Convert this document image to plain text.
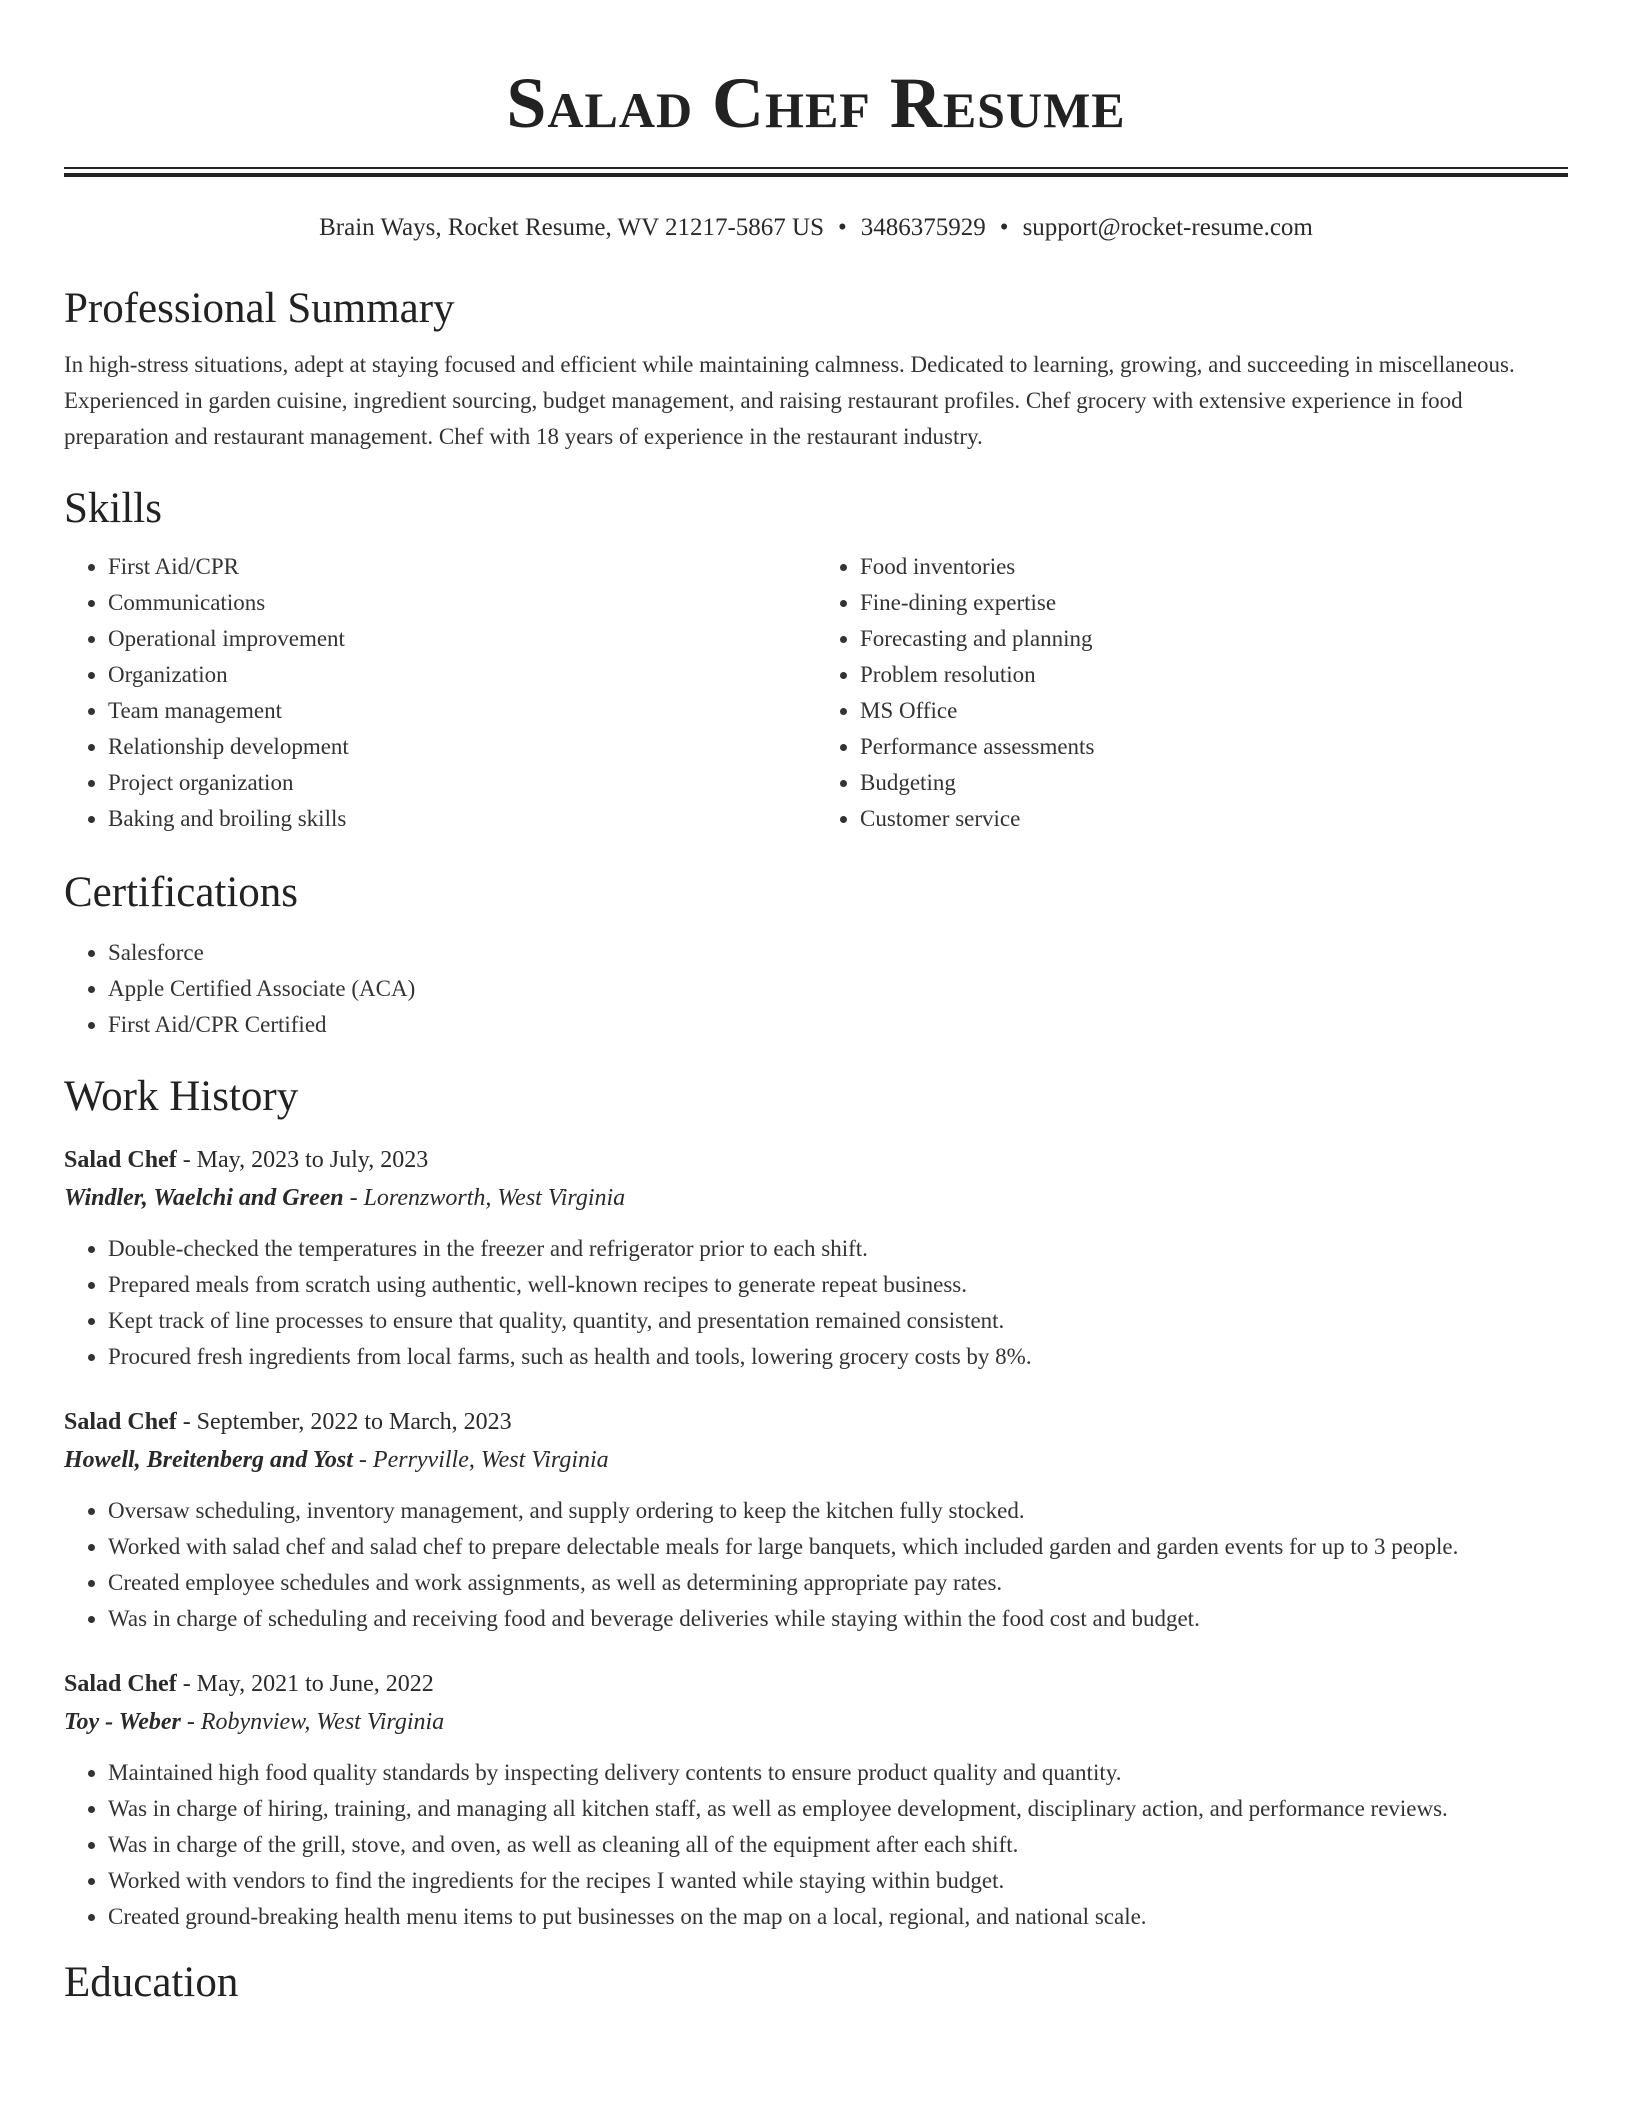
Salad Chef Resume
Brain Ways, Rocket Resume, WV 21217-5867 US • 3486375929 • support@rocket-resume.com
Professional Summary

In high-stress situations, adept at staying focused and efficient while maintaining calmness. Dedicated to learning, growing, and succeeding in miscellaneous. Experienced in garden cuisine, ingredient sourcing, budget management, and raising restaurant profiles. Chef grocery with extensive experience in food preparation and restaurant management. Chef with 18 years of experience in the restaurant industry.

Skills
• First Aid/CPR
• Communications
• Operational improvement
• Organization
• Team management
• Relationship development
• Project organization
• Baking and broiling skills
• Food inventories
• Fine-dining expertise
• Forecasting and planning
• Problem resolution
• MS Office
• Performance assessments
• Budgeting
• Customer service
Certifications
• Salesforce
• Apple Certified Associate (ACA)
• First Aid/CPR Certified
Work History
Salad Chef - May, 2023 to July, 2023
Windler, Waelchi and Green - Lorenzworth, West Virginia
• Double-checked the temperatures in the freezer and refrigerator prior to each shift.
• Prepared meals from scratch using authentic, well-known recipes to generate repeat business.
• Kept track of line processes to ensure that quality, quantity, and presentation remained consistent.
• Procured fresh ingredients from local farms, such as health and tools, lowering grocery costs by 8%.
Salad Chef - September, 2022 to March, 2023
Howell, Breitenberg and Yost - Perryville, West Virginia
• Oversaw scheduling, inventory management, and supply ordering to keep the kitchen fully stocked.
• Worked with salad chef and salad chef to prepare delectable meals for large banquets, which included garden and garden events for up to 3 people.
• Created employee schedules and work assignments, as well as determining appropriate pay rates.
• Was in charge of scheduling and receiving food and beverage deliveries while staying within the food cost and budget.
Salad Chef - May, 2021 to June, 2022
Toy - Weber - Robynview, West Virginia
• Maintained high food quality standards by inspecting delivery contents to ensure product quality and quantity.
• Was in charge of hiring, training, and managing all kitchen staff, as well as employee development, disciplinary action, and performance reviews.
• Was in charge of the grill, stove, and oven, as well as cleaning all of the equipment after each shift.
• Worked with vendors to find the ingredients for the recipes I wanted while staying within budget.
• Created ground-breaking health menu items to put businesses on the map on a local, regional, and national scale.
Education
